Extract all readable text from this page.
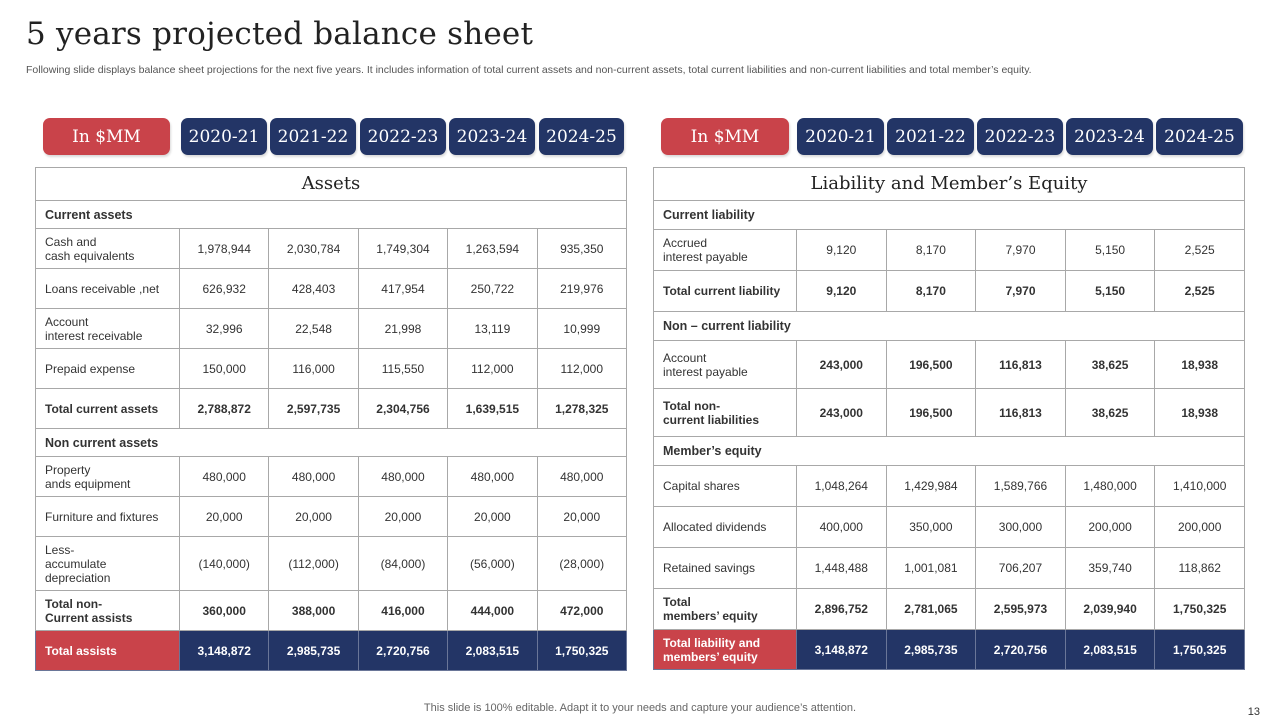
5 years projected balance sheet
Following slide displays balance sheet projections for the next five years. It includes information of total current assets and non-current assets, total current liabilities and non-current liabilities and total member’s equity.
In $MM	2020-21	2021-22	2022-23	2023-24	2024-25
Assets					
Current assets					
Cash and
cash equivalents	1,978,944	2,030,784	1,749,304	1,263,594	935,350
Loans receivable ,net	626,932	428,403	417,954	250,722	219,976
Account
interest receivable	32,996	22,548	21,998	13,119	10,999
Prepaid expense	150,000	116,000	115,550	112,000	112,000
Total current assets	2,788,872	2,597,735	2,304,756	1,639,515	1,278,325
Non current assets					
Property
ands equipment	480,000	480,000	480,000	480,000	480,000
Furniture and fixtures	20,000	20,000	20,000	20,000	20,000
Less-
accumulate
depreciation	(140,000)	(112,000)	(84,000)	(56,000)	(28,000)
Total non-
Current assists	360,000	388,000	416,000	444,000	472,000
Total assists	3,148,872	2,985,735	2,720,756	2,083,515	1,750,325
In $MM	2020-21	2021-22	2022-23	2023-24	2024-25
Liability and Member’s Equity					
Current liability					
Accrued
interest payable	9,120	8,170	7,970	5,150	2,525
Total current liability	9,120	8,170	7,970	5,150	2,525
Non – current liability					
Account
interest payable	243,000	196,500	116,813	38,625	18,938
Total non-
current liabilities	243,000	196,500	116,813	38,625	18,938
Member’s equity					
Capital shares	1,048,264	1,429,984	1,589,766	1,480,000	1,410,000
Allocated dividends	400,000	350,000	300,000	200,000	200,000
Retained savings	1,448,488	1,001,081	706,207	359,740	118,862
Total
members’ equity	2,896,752	2,781,065	2,595,973	2,039,940	1,750,325
Total liability and
members’ equity	3,148,872	2,985,735	2,720,756	2,083,515	1,750,325
This slide is 100% editable. Adapt it to your needs and capture your audience’s attention.	13
